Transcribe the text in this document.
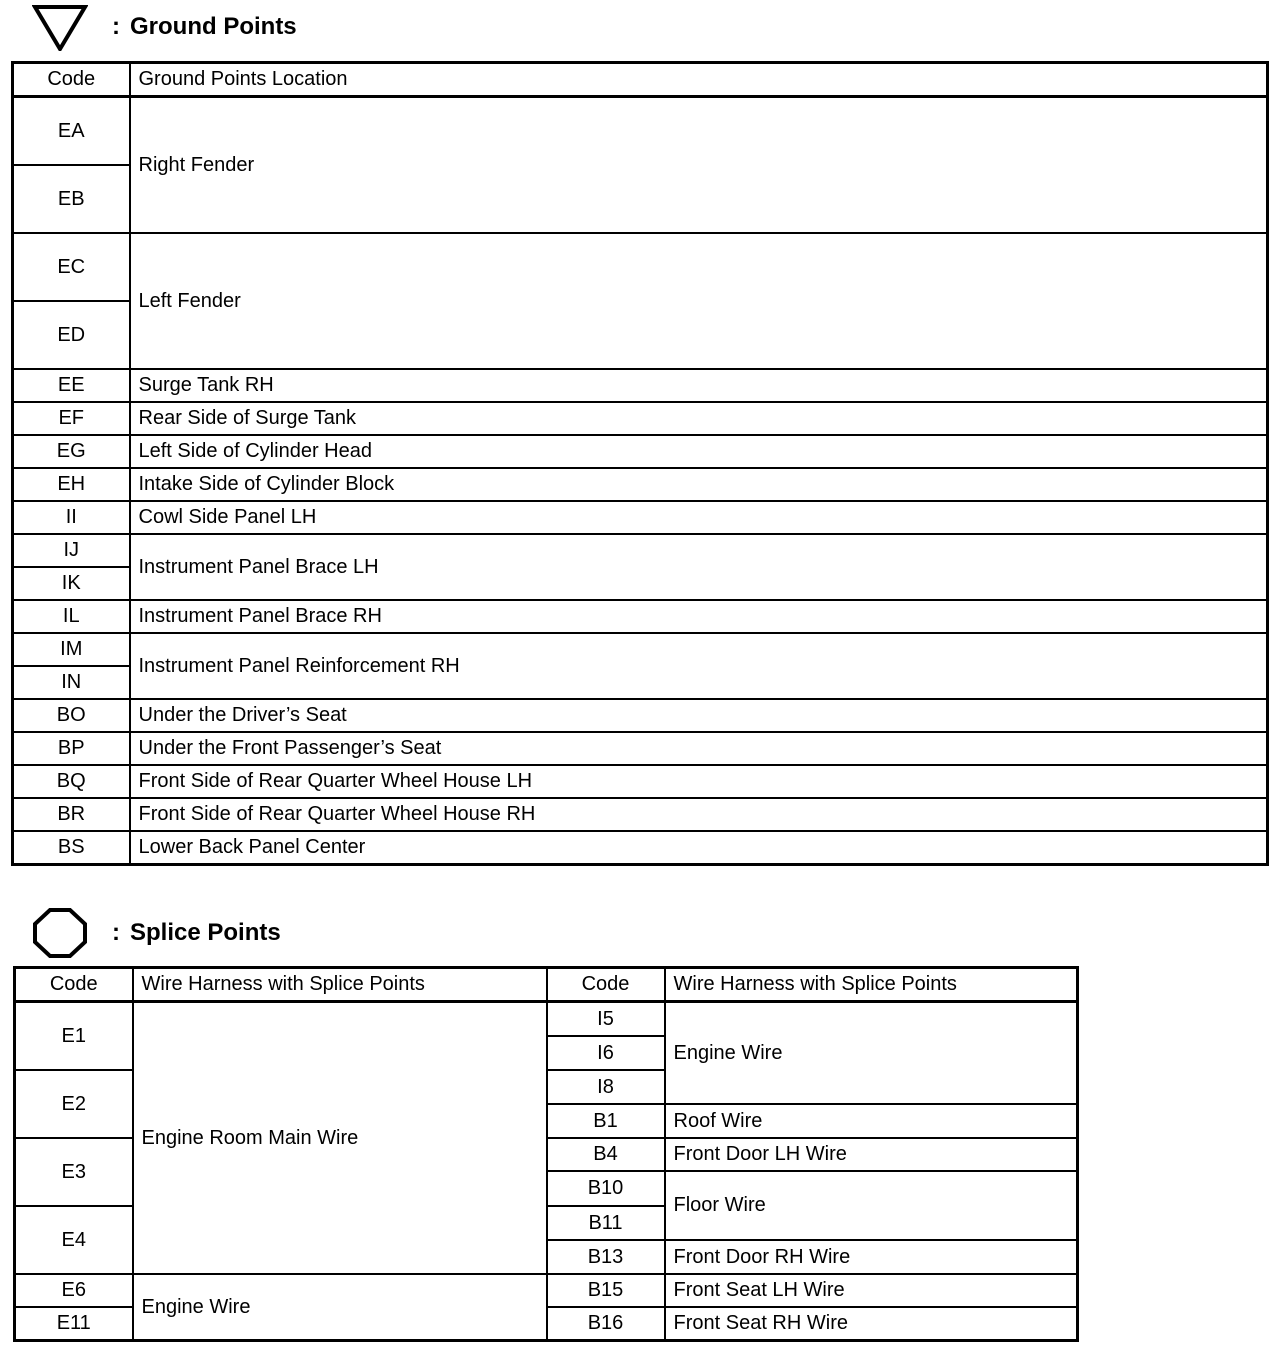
: Ground Points
Code	Ground Points Location
EA	Right Fender
EB	
EC	Left Fender
ED	
EE	Surge Tank RH
EF	Rear Side of Surge Tank
EG	Left Side of Cylinder Head
EH	Intake Side of Cylinder Block
II	Cowl Side Panel LH
IJ	Instrument Panel Brace LH
IK	
IL	Instrument Panel Brace RH
IM	Instrument Panel Reinforcement RH
IN	
BO	Under the Driver’s Seat
BP	Under the Front Passenger’s Seat
BQ	Front Side of Rear Quarter Wheel House LH
BR	Front Side of Rear Quarter Wheel House RH
BS	Lower Back Panel Center
: Splice Points
Code	Wire Harness with Splice Points	Code	Wire Harness with Splice Points
E1	Engine Room Main Wire	I5	Engine Wire
		I6	
E2		I8	
		B1	Roof Wire
E3		B4	Front Door LH Wire
		B10	Floor Wire
E4		B11	
		B13	Front Door RH Wire
E6	Engine Wire	B15	Front Seat LH Wire
E11		B16	Front Seat RH Wire
